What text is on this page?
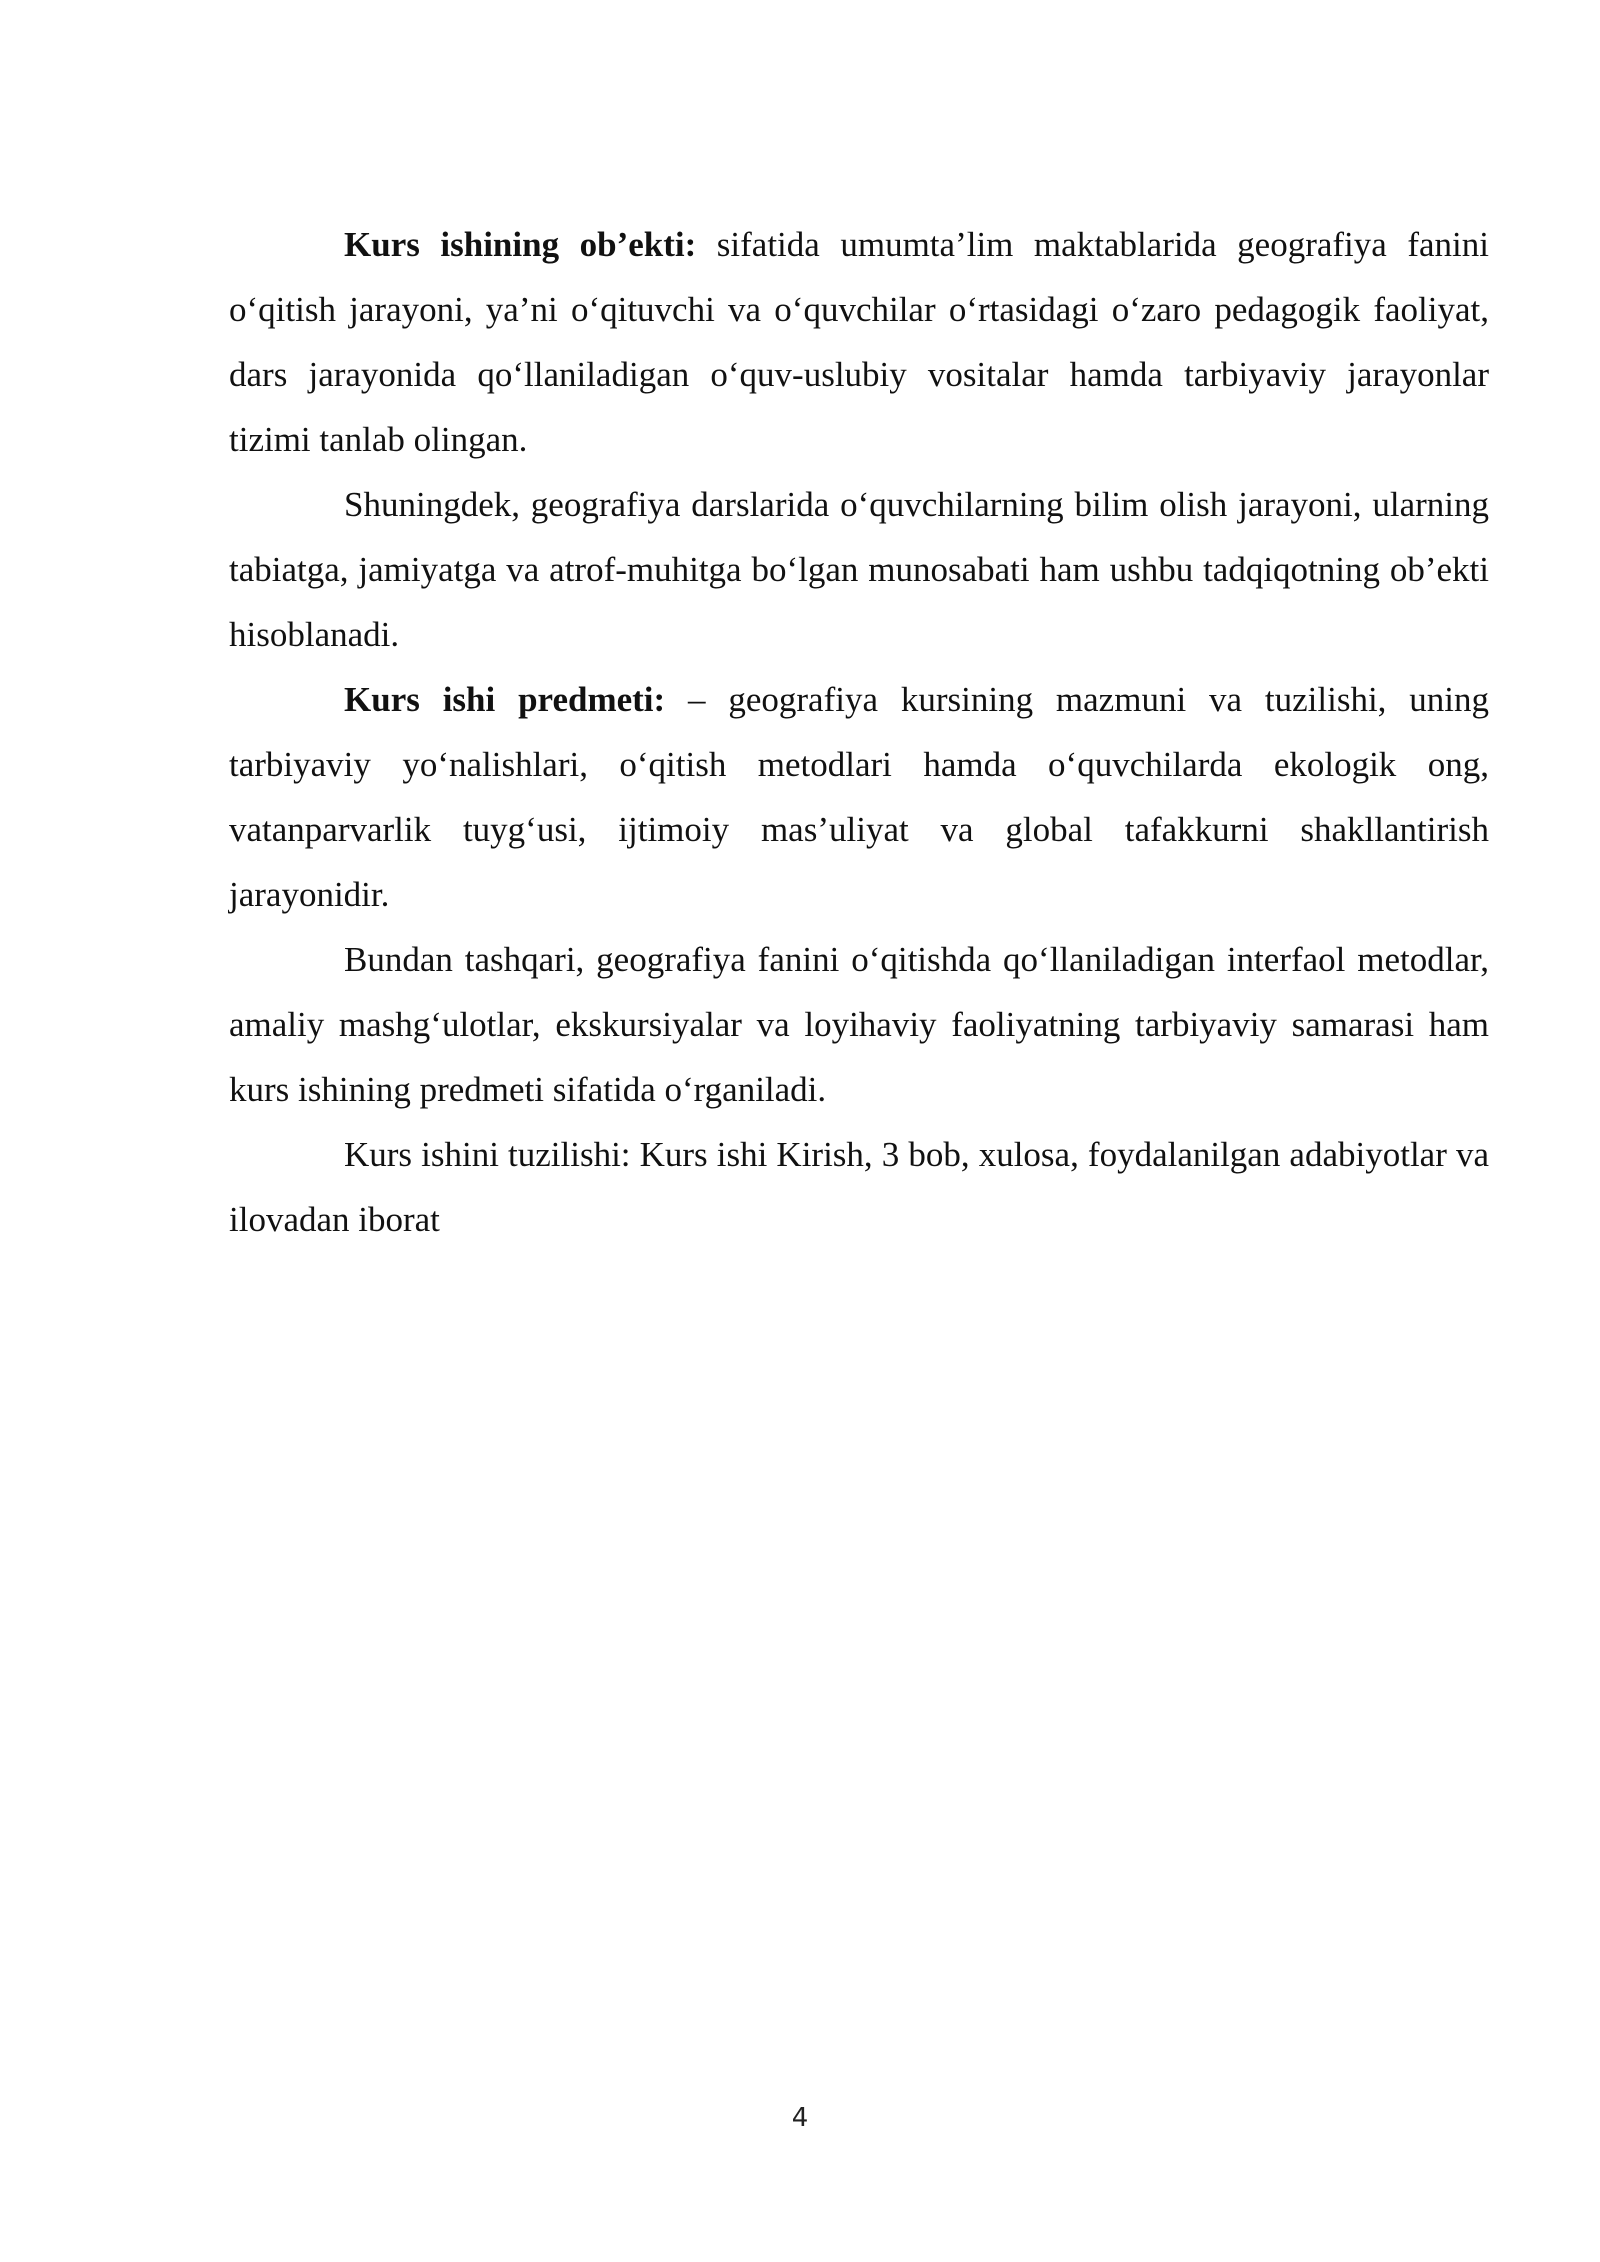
Kurs ishining ob’ekti: sifatida umumta’lim maktablarida geografiya fanini o‘qitish jarayoni, ya’ni o‘qituvchi va o‘quvchilar o‘rtasidagi o‘zaro pedagogik faoliyat, dars jarayonida qo‘llaniladigan o‘quv-uslubiy vositalar hamda tarbiyaviy jarayonlar tizimi tanlab olingan.

Shuningdek, geografiya darslarida o‘quvchilarning bilim olish jarayoni, ularning tabiatga, jamiyatga va atrof-muhitga bo‘lgan munosabati ham ushbu tadqiqotning ob’ekti hisoblanadi.

Kurs ishi predmeti: – geografiya kursining mazmuni va tuzilishi, uning tarbiyaviy yo‘nalishlari, o‘qitish metodlari hamda o‘quvchilarda ekologik ong, vatanparvarlik tuyg‘usi, ijtimoiy mas’uliyat va global tafakkurni shakllantirish jarayonidir.

Bundan tashqari, geografiya fanini o‘qitishda qo‘llaniladigan interfaol metodlar, amaliy mashg‘ulotlar, ekskursiyalar va loyihaviy faoliyatning tarbiyaviy samarasi ham kurs ishining predmeti sifatida o‘rganiladi.

Kurs ishini tuzilishi: Kurs ishi Kirish, 3 bob, xulosa, foydalanilgan adabiyotlar va ilovadan iborat

4
